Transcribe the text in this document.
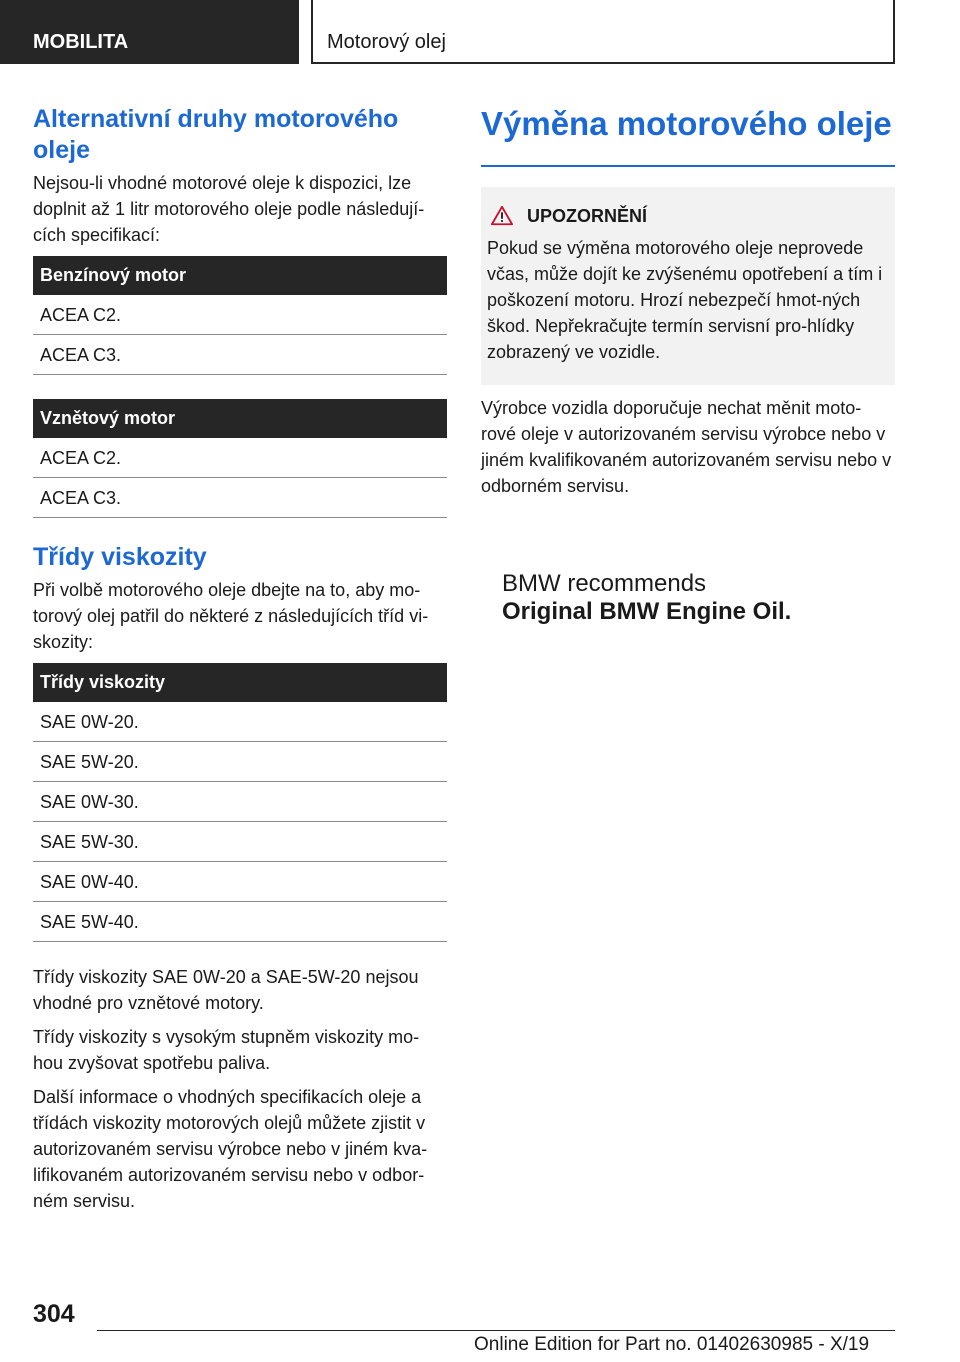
MOBILITA	Motorový olej
Alternativní druhy motorového oleje

Nejsou-li vhodné motorové oleje k dispozici, lze doplnit až 1 litr motorového oleje podle následují-cích specifikací:

Benzínový motor
ACEA C2.
ACEA C3.
Vznětový motor
ACEA C2.
ACEA C3.
Třídy viskozity

Při volbě motorového oleje dbejte na to, aby mo-torový olej patřil do některé z následujících tříd vi-skozity:

Třídy viskozity
SAE 0W-20.
SAE 5W-20.
SAE 0W-30.
SAE 5W-30.
SAE 0W-40.
SAE 5W-40.

Třídy viskozity SAE 0W-20 a SAE-5W-20 nejsou vhodné pro vznětové motory.

Třídy viskozity s vysokým stupněm viskozity mo-hou zvyšovat spotřebu paliva.

Další informace o vhodných specifikacích oleje a třídách viskozity motorových olejů můžete zjistit v autorizovaném servisu výrobce nebo v jiném kva-lifikovaném autorizovaném servisu nebo v odbor-ném servisu.

Výměna motorového oleje
UPOZORNĚNÍ

Pokud se výměna motorového oleje neprovede včas, může dojít ke zvýšenému opotřebení a tím i poškození motoru. Hrozí nebezpečí hmot-ných škod. Nepřekračujte termín servisní pro-hlídky zobrazený ve vozidle.

Výrobce vozidla doporučuje nechat měnit moto-rové oleje v autorizovaném servisu výrobce nebo v jiném kvalifikovaném autorizovaném servisu nebo v odborném servisu.

BMW recommends
Original BMW Engine Oil.
304
Online Edition for Part no. 01402630985 - X/19
